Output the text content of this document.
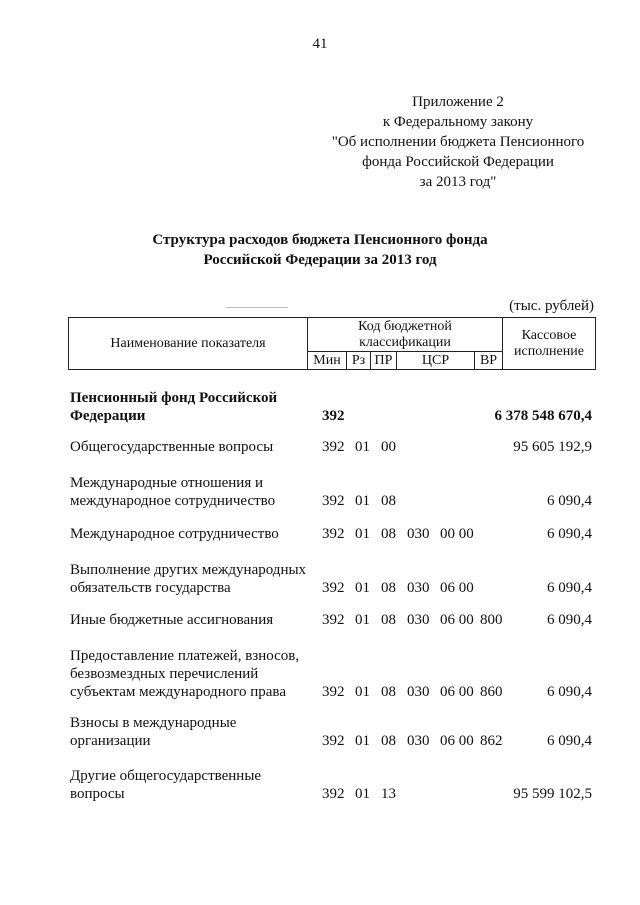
41
Приложение 2
к Федеральному закону
"Об исполнении бюджета Пенсионного
фонда Российской Федерации
за 2013 год"
Структура расходов бюджета Пенсионного фонда
Российской Федерации за 2013 год
(тыс. рублей)
Наименование показателя
Код бюджетной
классификации
Мин Рз ПР	ЦСР	ВР
Кассовое
исполнение
Пенсионный фонд Российской
Федерации	392	6 378 548 670,4
Общегосударственные вопросы	392 01 00	95 605 192,9
Международные отношения и
международное сотрудничество	392 01 08	6 090,4
Международное сотрудничество	392 01 08 030 00 00	6 090,4
Выполнение других международных
обязательств государства	392 01 08 030 06 00	6 090,4
Иные бюджетные ассигнования	392 01 08 030 06 00 800	6 090,4
Предоставление платежей, взносов,
безвозмездных перечислений
субъектам международного права	392 01 08 030 06 00 860	6 090,4
Взносы в международные
организации	392 01 08 030 06 00 862	6 090,4
Другие общегосударственные
вопросы	392 01 13	95 599 102,5
